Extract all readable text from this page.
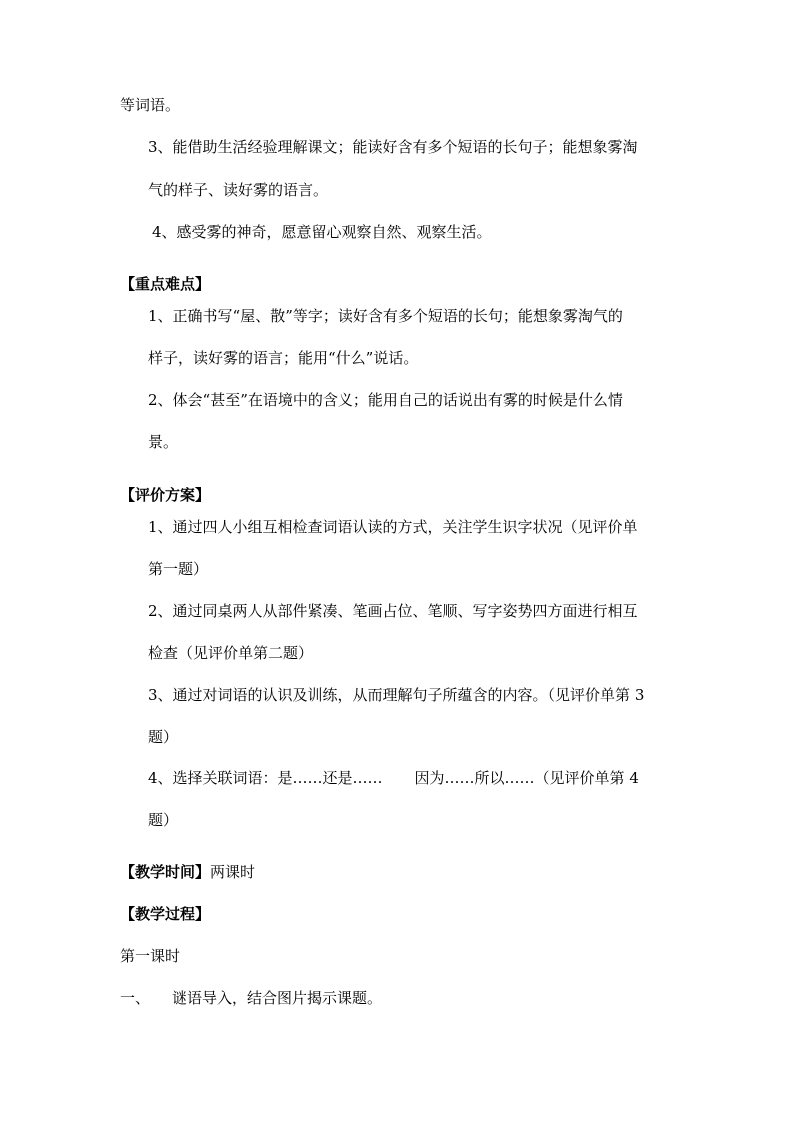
等词语。
3、能借助生活经验理解课文；能读好含有多个短语的长句子；能想象雾淘
气的样子、读好雾的语言。
4、感受雾的神奇，愿意留心观察自然、观察生活。
【重点难点】
1、正确书写“屋、散”等字；读好含有多个短语的长句；能想象雾淘气的
样子，读好雾的语言；能用“什么”说话。
2、体会“甚至”在语境中的含义；能用自己的话说出有雾的时候是什么情
景。
【评价方案】
1、通过四人小组互相检查词语认读的方式，关注学生识字状况（见评价单
第一题）
2、通过同桌两人从部件紧凑、笔画占位、笔顺、写字姿势四方面进行相互
检查（见评价单第二题）
3、通过对词语的认识及训练，从而理解句子所蕴含的内容。（见评价单第 3
题）
4、选择关联词语：是……还是…… 因为……所以……（见评价单第 4
题）
【教学时间】两课时
【教学过程】
第一课时
一、 谜语导入，结合图片揭示课题。
